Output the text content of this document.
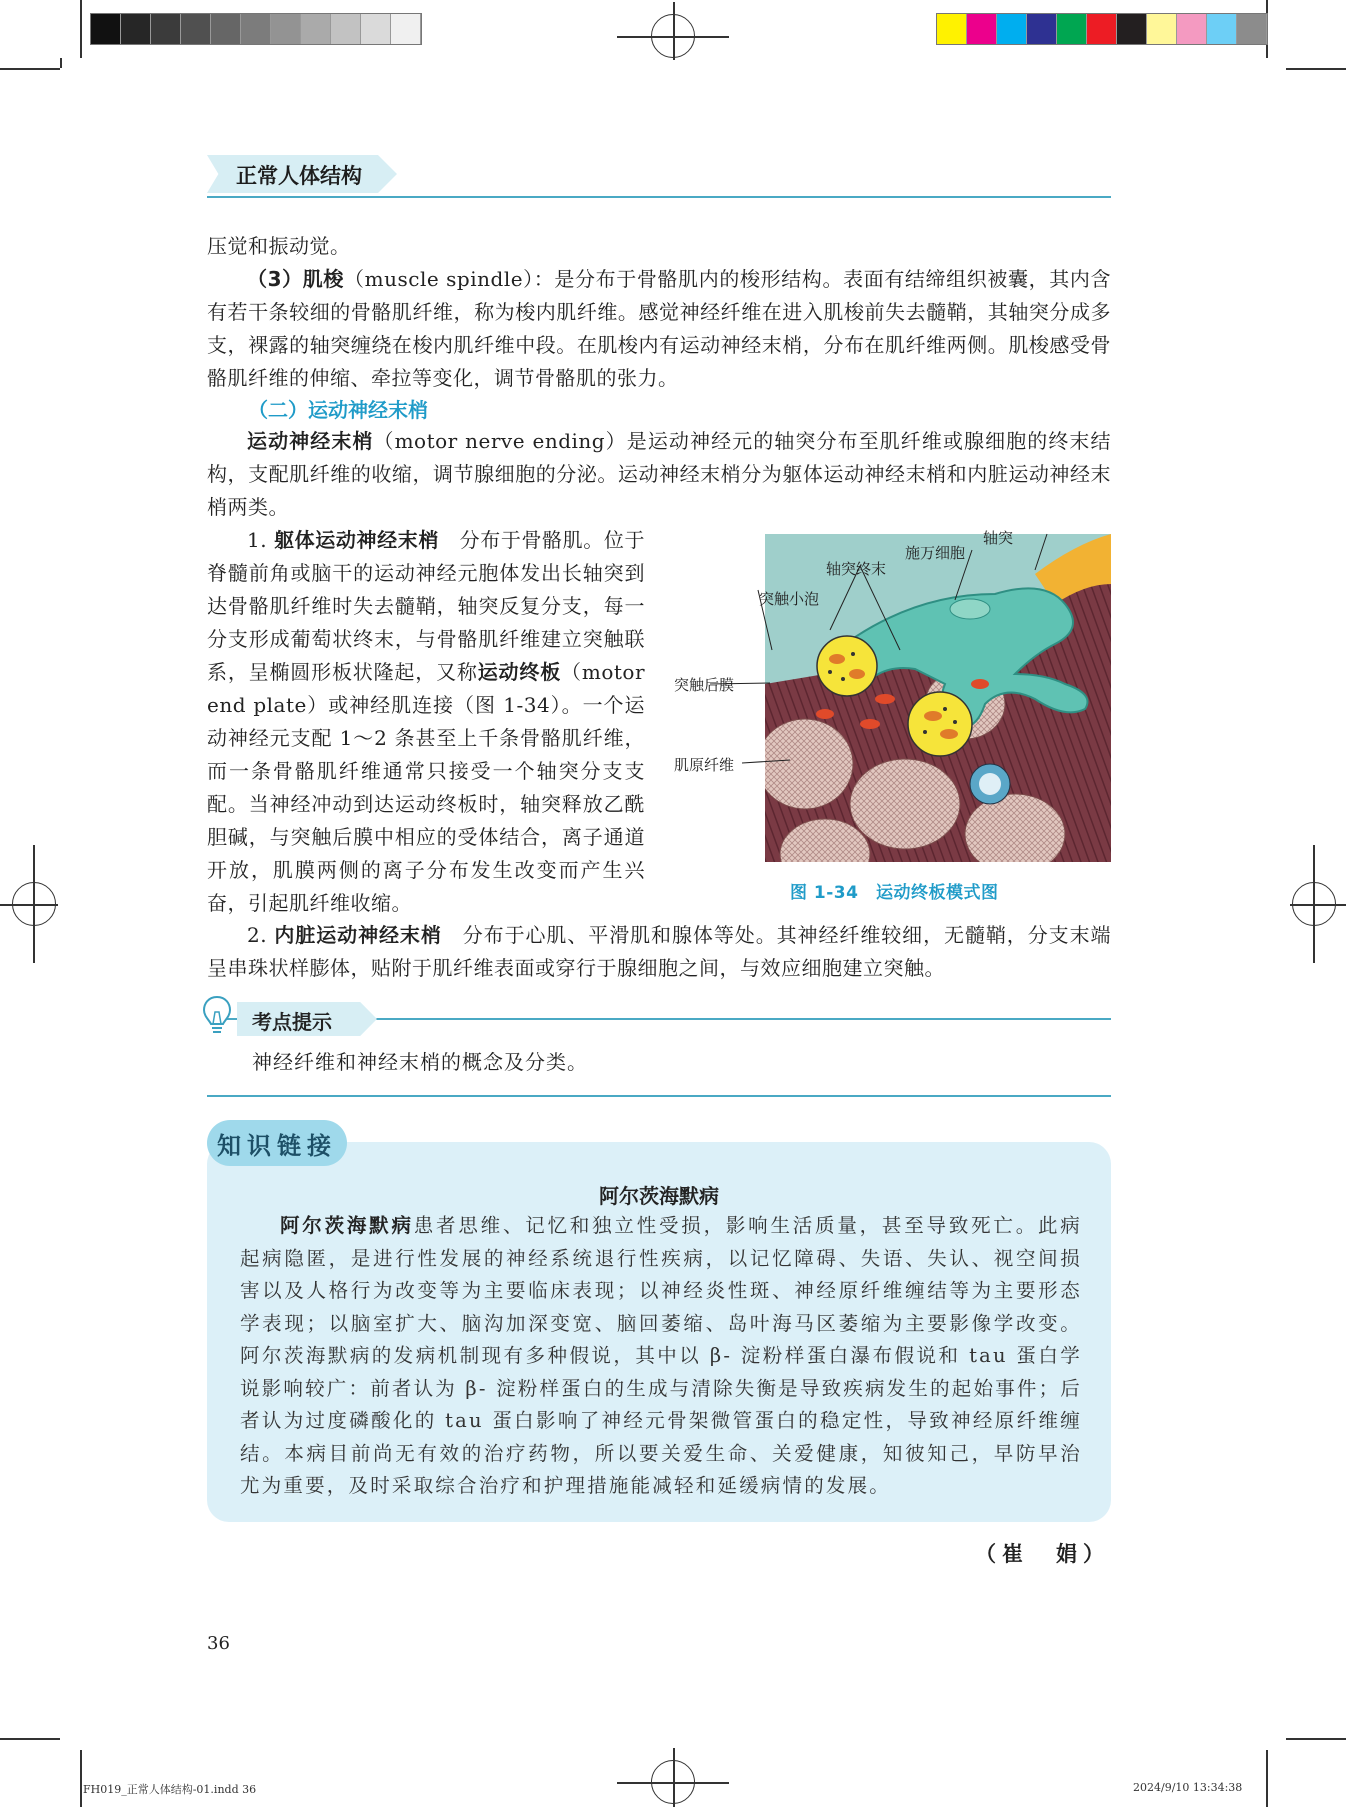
正常人体结构
压觉和振动觉。
（3）肌梭（muscle spindle）：是分布于骨骼肌内的梭形结构。表面有结缔组织被囊，其内含有若干条较细的骨骼肌纤维，称为梭内肌纤维。感觉神经纤维在进入肌梭前失去髓鞘，其轴突分成多支，裸露的轴突缠绕在梭内肌纤维中段。在肌梭内有运动神经末梢，分布在肌纤维两侧。肌梭感受骨骼肌纤维的伸缩、牵拉等变化，调节骨骼肌的张力。
（二）运动神经末梢
运动神经末梢（motor nerve ending）是运动神经元的轴突分布至肌纤维或腺细胞的终末结构，支配肌纤维的收缩，调节腺细胞的分泌。运动神经末梢分为躯体运动神经末梢和内脏运动神经末梢两类。
1. 躯体运动神经末梢　分布于骨骼肌。位于脊髓前角或脑干的运动神经元胞体发出长轴突到达骨骼肌纤维时失去髓鞘，轴突反复分支，每一分支形成葡萄状终末，与骨骼肌纤维建立突触联系，呈椭圆形板状隆起，又称运动终板（motor end plate）或神经肌连接（图 1-34）。一个运动神经元支配 1～2 条甚至上千条骨骼肌纤维，而一条骨骼肌纤维通常只接受一个轴突分支支配。当神经冲动到达运动终板时，轴突释放乙酰胆碱，与突触后膜中相应的受体结合，离子通道开放，肌膜两侧的离子分布发生改变而产生兴奋，引起肌纤维收缩。
轴突
施万细胞
轴突终末
突触小泡
突触后膜
肌原纤维
图 1-34　运动终板模式图
2. 内脏运动神经末梢　分布于心肌、平滑肌和腺体等处。其神经纤维较细，无髓鞘，分支末端呈串珠状样膨体，贴附于肌纤维表面或穿行于腺细胞之间，与效应细胞建立突触。
考点提示
神经纤维和神经末梢的概念及分类。
知识链接
阿尔茨海默病
阿尔茨海默病患者思维、记忆和独立性受损，影响生活质量，甚至导致死亡。此病起病隐匿，是进行性发展的神经系统退行性疾病，以记忆障碍、失语、失认、视空间损害以及人格行为改变等为主要临床表现；以神经炎性斑、神经原纤维缠结等为主要形态学表现；以脑室扩大、脑沟加深变宽、脑回萎缩、岛叶海马区萎缩为主要影像学改变。阿尔茨海默病的发病机制现有多种假说，其中以 β- 淀粉样蛋白瀑布假说和 tau 蛋白学说影响较广：前者认为 β- 淀粉样蛋白的生成与清除失衡是导致疾病发生的起始事件；后者认为过度磷酸化的 tau 蛋白影响了神经元骨架微管蛋白的稳定性，导致神经原纤维缠结。本病目前尚无有效的治疗药物，所以要关爱生命、关爱健康，知彼知己，早防早治尤为重要，及时采取综合治疗和护理措施能减轻和延缓病情的发展。
（崔　娟）
36
FH019_正常人体结构-01.indd 36	2024/9/10 13:34:38
